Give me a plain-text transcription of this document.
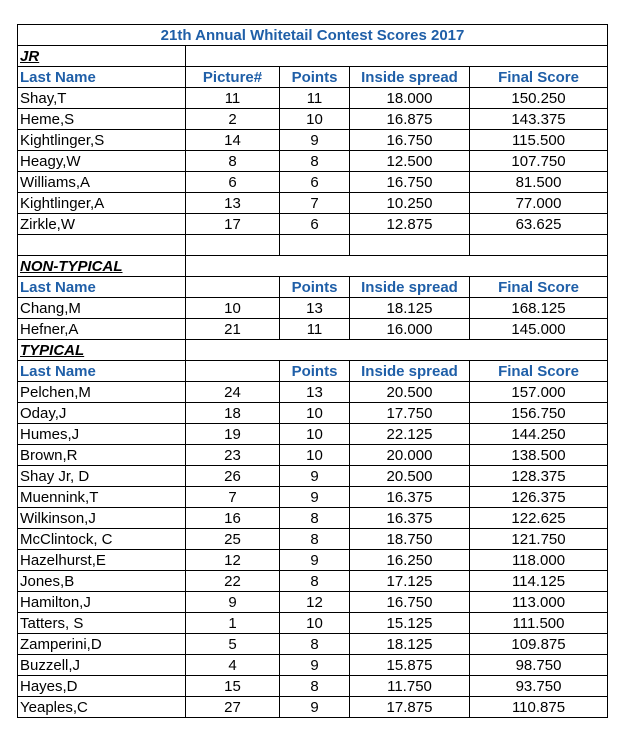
21th Annual Whitetail Contest Scores 2017				
JR				
Last Name	Picture#	Points	Inside spread	Final Score
Shay,T	11	11	18.000	150.250
Heme,S	2	10	16.875	143.375
Kightlinger,S	14	9	16.750	115.500
Heagy,W	8	8	12.500	107.750
Williams,A	6	6	16.750	81.500
Kightlinger,A	13	7	10.250	77.000
Zirkle,W	17	6	12.875	63.625

NON-TYPICAL				
Last Name		Points	Inside spread	Final Score
Chang,M	10	13	18.125	168.125
Hefner,A	21	11	16.000	145.000
TYPICAL				
Last Name		Points	Inside spread	Final Score
Pelchen,M	24	13	20.500	157.000
Oday,J	18	10	17.750	156.750
Humes,J	19	10	22.125	144.250
Brown,R	23	10	20.000	138.500
Shay Jr, D	26	9	20.500	128.375
Muennink,T	7	9	16.375	126.375
Wilkinson,J	16	8	16.375	122.625
McClintock, C	25	8	18.750	121.750
Hazelhurst,E	12	9	16.250	118.000
Jones,B	22	8	17.125	114.125
Hamilton,J	9	12	16.750	113.000
Tatters, S	1	10	15.125	111.500
Zamperini,D	5	8	18.125	109.875
Buzzell,J	4	9	15.875	98.750
Hayes,D	15	8	11.750	93.750
Yeaples,C	27	9	17.875	110.875
